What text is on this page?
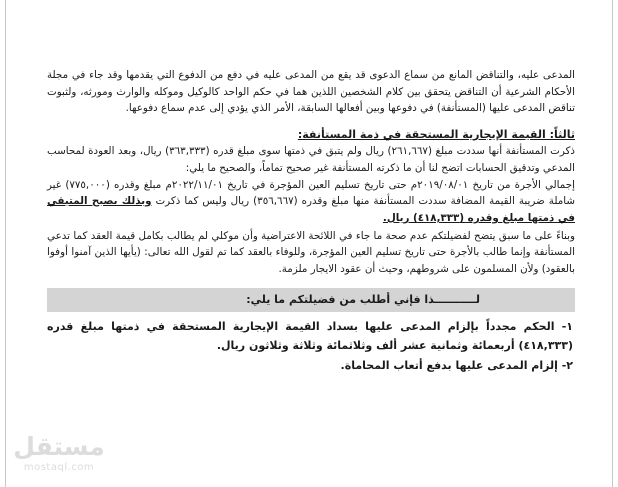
المدعى عليه، والتناقض المانع من سماع الدعوى قد يقع من المدعى عليه في دفع من الدفوع التي يقدمها وقد جاء في مجلة الأحكام الشرعية أن التناقض يتحقق بين كلام الشخصين اللذين هما في حكم الواحد كالوكيل وموكله والوارث ومورثه، ولثبوت تناقض المدعى عليها (المستأنفة) في دفوعها وبين أفعالها السابقة، الأمر الذي يؤدي إلى عدم سماع دفوعها.

ثالثاً: القيمة الإيجارية المستحقة في ذمة المستأنفة:

ذكرت المستأنفة أنها سددت مبلغ (٢٦١,٦٦٧) ريال ولم يتبق في ذمتها سوى مبلغ قدره (٣٦٣,٣٣٣) ريال، وبعد العودة لمحاسب المدعي وتدقيق الحسابات اتضح لنا أن ما ذكرته المستأنفة غير صحيح تماماً، والصحيح ما يلي:

إجمالي الأجرة من تاريخ ٢٠١٩/٠٨/٠١م حتى تاريخ تسليم العين المؤجرة في تاريخ ٢٠٢٢/١١/٠١م مبلغ وقدره (٧٧٥,٠٠٠) غير شاملة ضريبة القيمة المضافة سددت المستأنفة منها مبلغ وقدره (٣٥٦,٦٦٧) ريال وليس كما ذكرت وبذلك يصبح المتبقي في ذمتها مبلغ وقدره (٤١٨,٣٣٣) ريال.

وبناءً على ما سبق يتضح لفضيلتكم عدم صحة ما جاء في اللائحة الاعتراضية وأن موكلي لم يطالب بكامل قيمة العقد كما تدعي المستأنفة وإنما طالب بالأجرة حتى تاريخ تسليم العين المؤجرة، وللوفاء بالعقد كما تم لقول الله تعالى: (يأيها الذين آمنوا أوفوا بالعقود) ولأن المسلمون على شروطهم، وحيث أن عقود الايجار ملزمة.

لـــــــــــذا فإني أطلب من فضيلتكم ما يلي:

١- الحكم مجدداً بإلزام المدعى عليها بسداد القيمة الإيجارية المستحقة في ذمتها مبلغ قدره (٤١٨,٣٣٣) أربعمائة وثمانية عشر ألف وثلاثمائة وثلاثة وثلاثون ريال.

٢- إلزام المدعى عليها بدفع أتعاب المحاماة.

مستقل
mostaql.com
